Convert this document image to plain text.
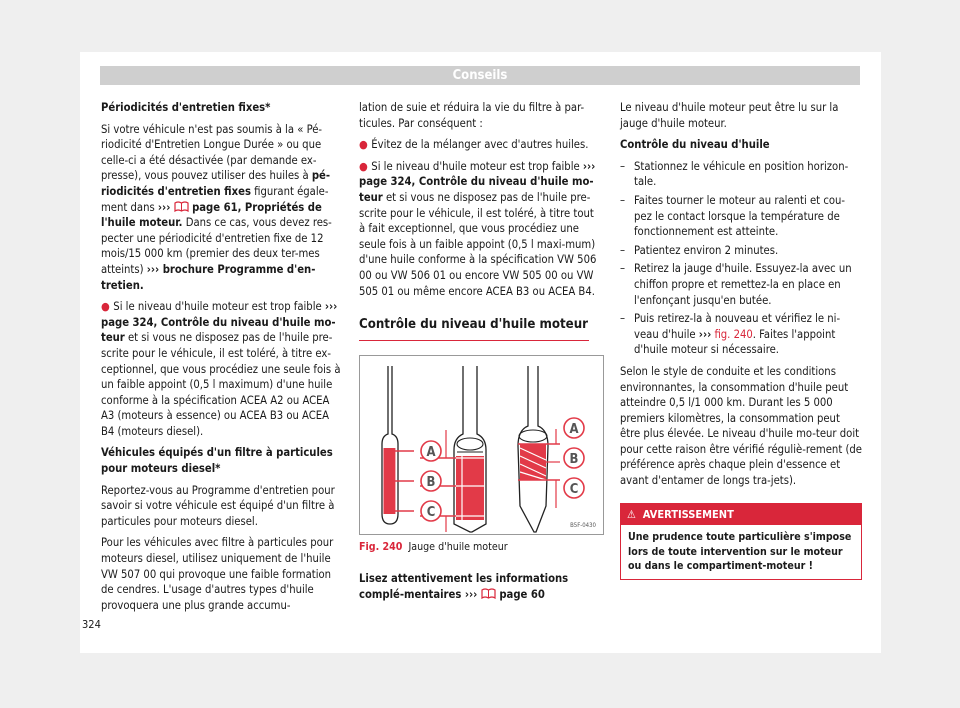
Conseils

Périodicités d'entretien fixes*

Si votre véhicule n'est pas soumis à la « Pé-riodicité d'Entretien Longue Durée » ou que celle-ci a été désactivée (par demande ex-presse), vous pouvez utiliser des huiles à pé-riodicités d'entretien fixes figurant égale-ment dans ›››  page 61, Propriétés de l'huile moteur. Dans ce cas, vous devez res-pecter une périodicité d'entretien fixe de 12 mois/15 000 km (premier des deux ter-mes atteints) ››› brochure Programme d'en-tretien.

● Si le niveau d'huile moteur est trop faible ››› page 324, Contrôle du niveau d'huile mo-teur et si vous ne disposez pas de l'huile pre-scrite pour le véhicule, il est toléré, à titre ex-ceptionnel, que vous procédiez une seule fois à un faible appoint (0,5 l maximum) d'une huile conforme à la spécification ACEA A2 ou ACEA A3 (moteurs à essence) ou ACEA B3 ou ACEA B4 (moteurs diesel).

Véhicules équipés d'un filtre à particules pour moteurs diesel*

Reportez-vous au Programme d'entretien pour savoir si votre véhicule est équipé d'un filtre à particules pour moteurs diesel.

Pour les véhicules avec filtre à particules pour moteurs diesel, utilisez uniquement de l'huile VW 507 00 qui provoque une faible formation de cendres. L'usage d'autres types d'huile provoquera une plus grande accumu-

lation de suie et réduira la vie du filtre à par-ticules. Par conséquent :

● Évitez de la mélanger avec d'autres huiles.

● Si le niveau d'huile moteur est trop faible ››› page 324, Contrôle du niveau d'huile mo-teur et si vous ne disposez pas de l'huile pre-scrite pour le véhicule, il est toléré, à titre tout à fait exceptionnel, que vous procédiez une seule fois à un faible appoint (0,5 l maxi-mum) d'une huile conforme à la spécification VW 506 00 ou VW 506 01 ou encore VW 505 00 ou VW 505 01 ou même encore ACEA B3 ou ACEA B4.

Contrôle du niveau d'huile moteur
A
B
C
A
B
C
B5F-0430
Fig. 240 Jauge d'huile moteur

Lisez attentivement les informations complé-mentaires ›››  page 60

Le niveau d'huile moteur peut être lu sur la jauge d'huile moteur.

Contrôle du niveau d'huile

– Stationnez le véhicule en position horizon-tale.
– Faites tourner le moteur au ralenti et cou-pez le contact lorsque la température de fonctionnement est atteinte.
– Patientez environ 2 minutes.
– Retirez la jauge d'huile. Essuyez-la avec un chiffon propre et remettez-la en place en l'enfonçant jusqu'en butée.
– Puis retirez-la à nouveau et vérifiez le ni-veau d'huile ››› fig. 240. Faites l'appoint d'huile moteur si nécessaire.

Selon le style de conduite et les conditions environnantes, la consommation d'huile peut atteindre 0,5 l/1 000 km. Durant les 5 000 premiers kilomètres, la consommation peut être plus élevée. Le niveau d'huile mo-teur doit pour cette raison être vérifié réguliè-rement (de préférence après chaque plein d'essence et avant d'entamer de longs tra-jets).

⚠ AVERTISSEMENT
Une prudence toute particulière s'impose lors de toute intervention sur le moteur ou dans le compartiment-moteur !
324
